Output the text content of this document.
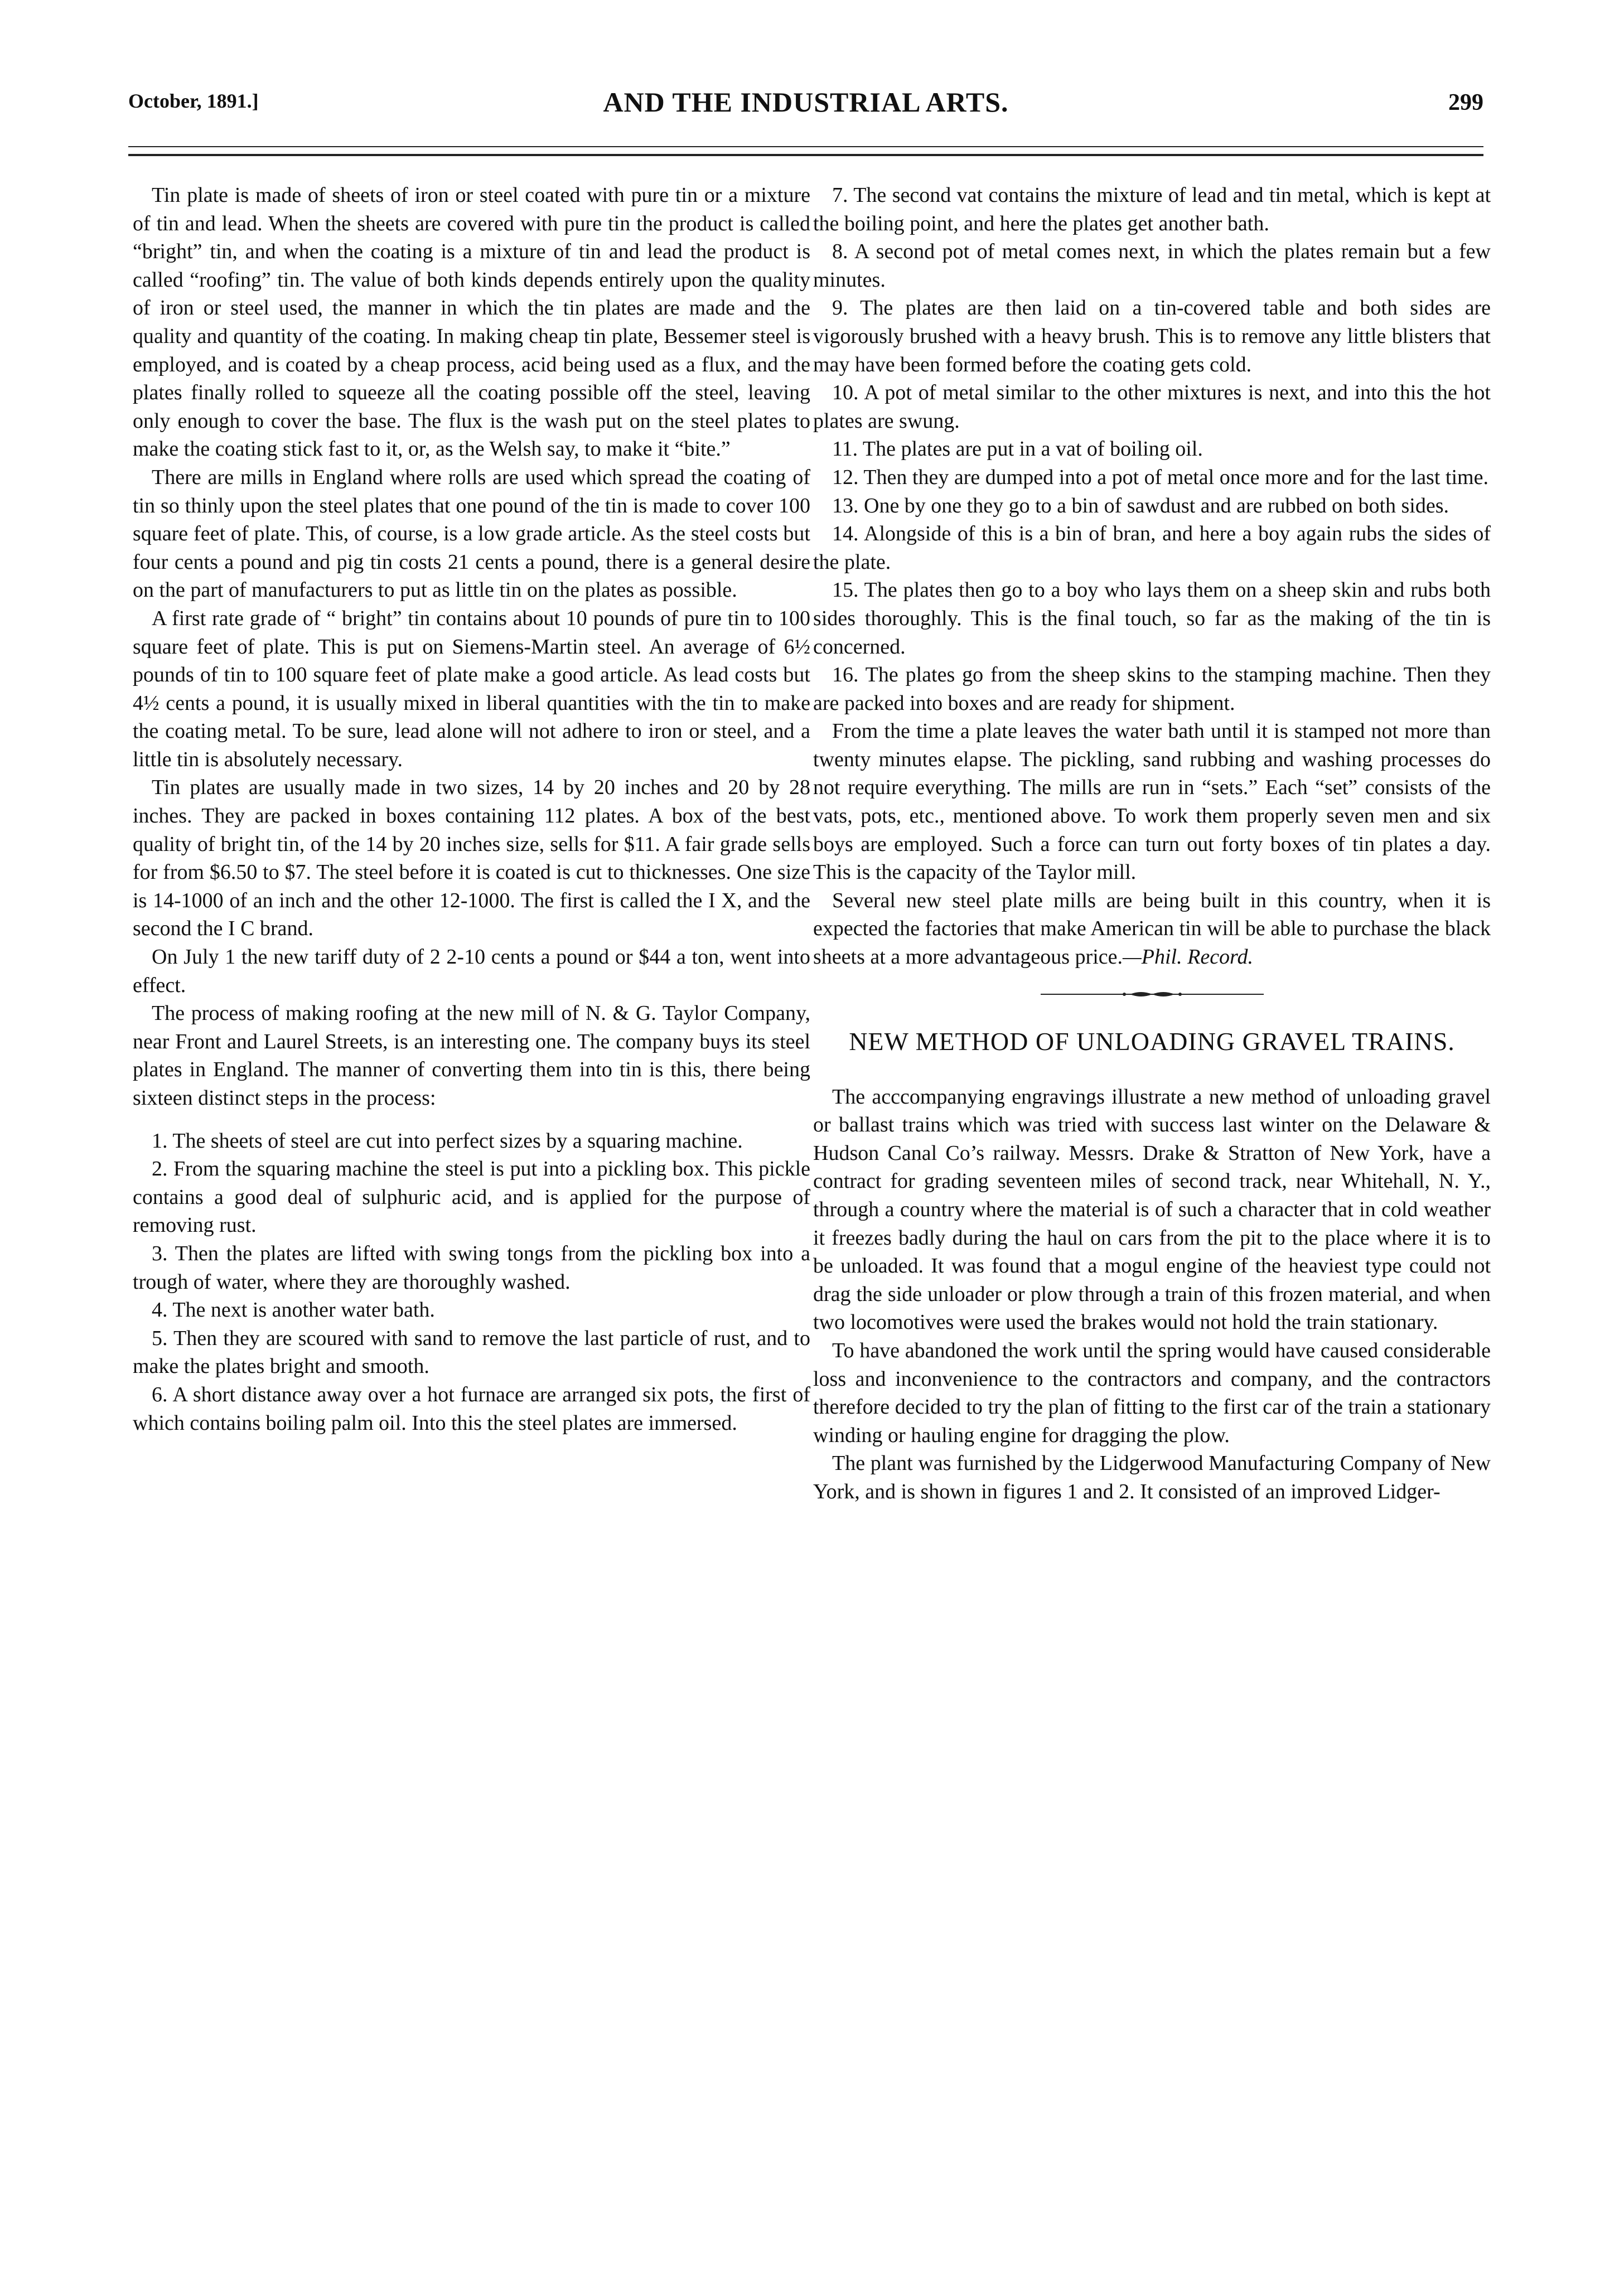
October, 1891.]	AND THE INDUSTRIAL ARTS.	299

Tin plate is made of sheets of iron or steel coated with pure tin or a mixture of tin and lead. When the sheets are covered with pure tin the product is called “bright” tin, and when the coating is a mixture of tin and lead the product is called “roofing” tin. The value of both kinds depends entirely upon the quality of iron or steel used, the manner in which the tin plates are made and the quality and quantity of the coating. In making cheap tin plate, Bessemer steel is employed, and is coated by a cheap process, acid being used as a flux, and the plates finally rolled to squeeze all the coating possible off the steel, leaving only enough to cover the base. The flux is the wash put on the steel plates to make the coating stick fast to it, or, as the Welsh say, to make it “bite.”

There are mills in England where rolls are used which spread the coating of tin so thinly upon the steel plates that one pound of the tin is made to cover 100 square feet of plate. This, of course, is a low grade article. As the steel costs but four cents a pound and pig tin costs 21 cents a pound, there is a general desire on the part of manufacturers to put as little tin on the plates as possible.

A first rate grade of “ bright” tin contains about 10 pounds of pure tin to 100 square feet of plate. This is put on Siemens-Martin steel. An average of 6½ pounds of tin to 100 square feet of plate make a good article. As lead costs but 4½ cents a pound, it is usually mixed in liberal quantities with the tin to make the coating metal. To be sure, lead alone will not adhere to iron or steel, and a little tin is absolutely necessary.

Tin plates are usually made in two sizes, 14 by 20 inches and 20 by 28 inches. They are packed in boxes containing 112 plates. A box of the best quality of bright tin, of the 14 by 20 inches size, sells for $11. A fair grade sells for from $6.50 to $7. The steel before it is coated is cut to thicknesses. One size is 14-1000 of an inch and the other 12-1000. The first is called the I X, and the second the I C brand.

On July 1 the new tariff duty of 2 2-10 cents a pound or $44 a ton, went into effect.

The process of making roofing at the new mill of N. & G. Taylor Company, near Front and Laurel Streets, is an interesting one. The company buys its steel plates in England. The manner of converting them into tin is this, there being sixteen distinct steps in the process:

1. The sheets of steel are cut into perfect sizes by a squaring machine.

2. From the squaring machine the steel is put into a pickling box. This pickle contains a good deal of sulphuric acid, and is applied for the purpose of removing rust.

3. Then the plates are lifted with swing tongs from the pickling box into a trough of water, where they are thoroughly washed.

4. The next is another water bath.

5. Then they are scoured with sand to remove the last particle of rust, and to make the plates bright and smooth.

6. A short distance away over a hot furnace are arranged six pots, the first of which contains boiling palm oil. Into this the steel plates are immersed.

7. The second vat contains the mixture of lead and tin metal, which is kept at the boiling point, and here the plates get another bath.

8. A second pot of metal comes next, in which the plates remain but a few minutes.

9. The plates are then laid on a tin-covered table and both sides are vigorously brushed with a heavy brush. This is to remove any little blisters that may have been formed before the coating gets cold.

10. A pot of metal similar to the other mixtures is next, and into this the hot plates are swung.

11. The plates are put in a vat of boiling oil.

12. Then they are dumped into a pot of metal once more and for the last time.

13. One by one they go to a bin of sawdust and are rubbed on both sides.

14. Alongside of this is a bin of bran, and here a boy again rubs the sides of the plate.

15. The plates then go to a boy who lays them on a sheep skin and rubs both sides thoroughly. This is the final touch, so far as the making of the tin is concerned.

16. The plates go from the sheep skins to the stamping machine. Then they are packed into boxes and are ready for shipment.

From the time a plate leaves the water bath until it is stamped not more than twenty minutes elapse. The pickling, sand rubbing and washing processes do not require everything. The mills are run in “sets.” Each “set” consists of the vats, pots, etc., mentioned above. To work them properly seven men and six boys are employed. Such a force can turn out forty boxes of tin plates a day. This is the capacity of the Taylor mill.

Several new steel plate mills are being built in this country, when it is expected the factories that make American tin will be able to purchase the black sheets at a more advantageous price.—Phil. Record.

NEW METHOD OF UNLOADING GRAVEL TRAINS.

The acccompanying engravings illustrate a new method of unloading gravel or ballast trains which was tried with success last winter on the Delaware & Hudson Canal Co’s railway. Messrs. Drake & Stratton of New York, have a contract for grading seventeen miles of second track, near Whitehall, N. Y., through a country where the material is of such a character that in cold weather it freezes badly during the haul on cars from the pit to the place where it is to be unloaded. It was found that a mogul engine of the heaviest type could not drag the side unloader or plow through a train of this frozen material, and when two locomotives were used the brakes would not hold the train stationary.

To have abandoned the work until the spring would have caused considerable loss and inconvenience to the contractors and company, and the contractors therefore decided to try the plan of fitting to the first car of the train a stationary winding or hauling engine for dragging the plow.

The plant was furnished by the Lidgerwood Manufacturing Company of New York, and is shown in figures 1 and 2. It consisted of an improved Lidger-
